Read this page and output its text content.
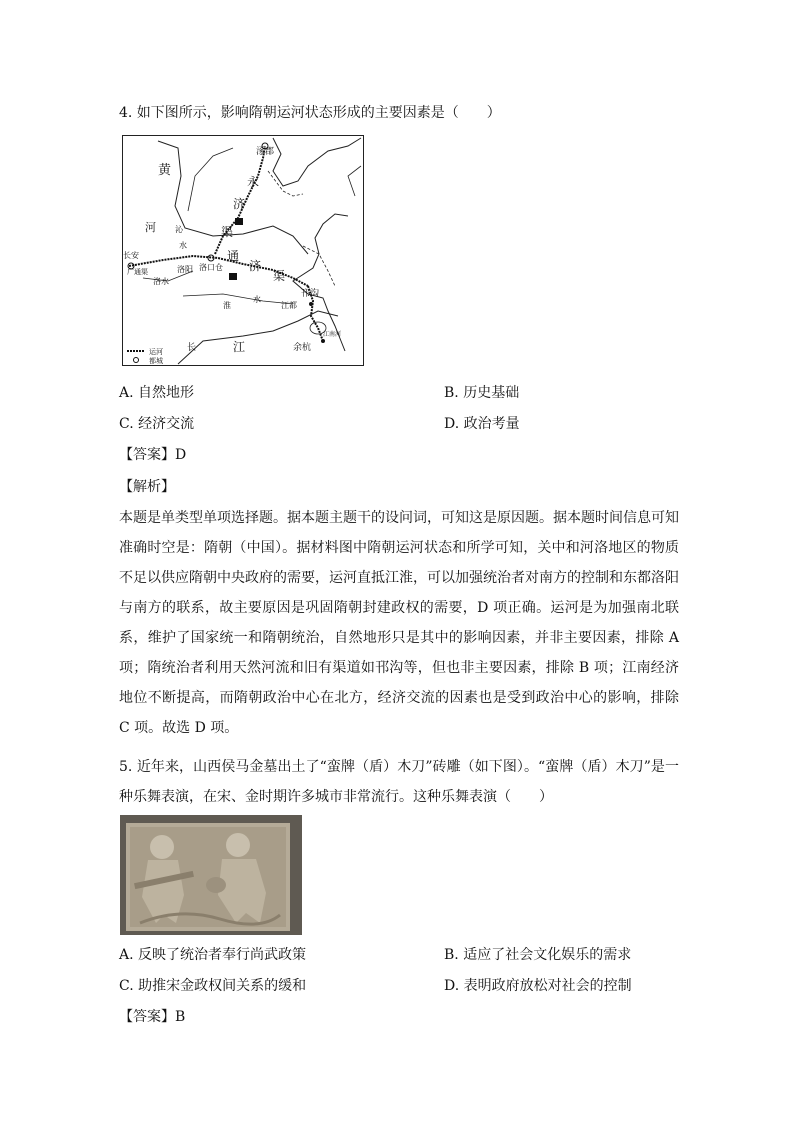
4. 如下图所示，影响隋朝运河状态形成的主要因素是（　　）
黄
河
涿郡
永
济
渠
沁
水
长安
广通渠	洛阳
洛水
洛口仓
通
济
渠
淮
水
江都
邗沟
江南河
长	江	余杭
运河
都城
A. 自然地形	B. 历史基础
C. 经济交流	D. 政治考量
【答案】D
【解析】
本题是单类型单项选择题。据本题主题干的设问词，可知这是原因题。据本题时间信息可知准确时空是：隋朝（中国）。据材料图中隋朝运河状态和所学可知，关中和河洛地区的物质不足以供应隋朝中央政府的需要，运河直抵江淮，可以加强统治者对南方的控制和东都洛阳与南方的联系，故主要原因是巩固隋朝封建政权的需要，D 项正确。运河是为加强南北联系，维护了国家统一和隋朝统治，自然地形只是其中的影响因素，并非主要因素，排除 A 项；隋统治者利用天然河流和旧有渠道如邗沟等，但也非主要因素，排除 B 项；江南经济地位不断提高，而隋朝政治中心在北方，经济交流的因素也是受到政治中心的影响，排除 C 项。故选 D 项。
5. 近年来，山西侯马金墓出土了“蛮牌（盾）木刀”砖雕（如下图）。“蛮牌（盾）木刀”是一种乐舞表演，在宋、金时期许多城市非常流行。这种乐舞表演（　　）
A. 反映了统治者奉行尚武政策	B. 适应了社会文化娱乐的需求
C. 助推宋金政权间关系的缓和	D. 表明政府放松对社会的控制
【答案】B
